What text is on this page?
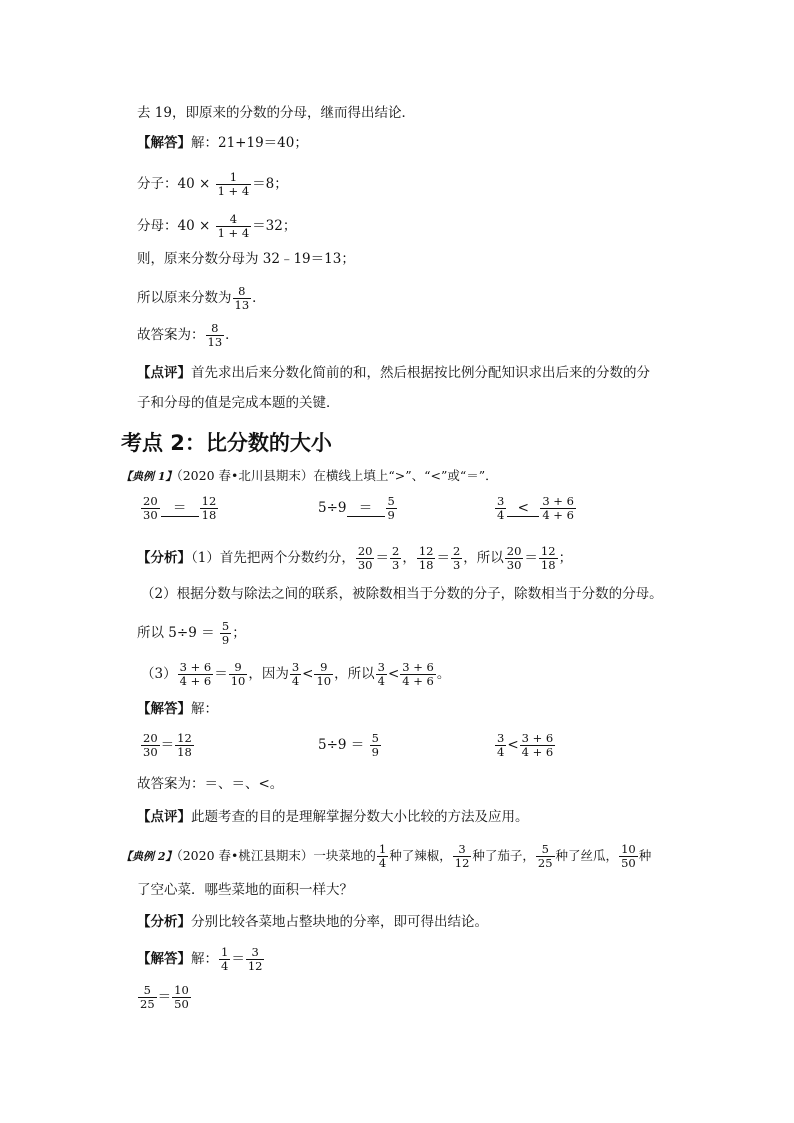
去 19，即原来的分数的分母，继而得出结论．
【解答】解：21+19＝40；
分子：$40 \times \frac{1}{1 + 4} =8$；
分母：$40 \times \frac{4}{1 + 4} =32$；
则，原来分数分母为 32﹣19＝13；
所以原来分数为 $\frac{8}{13}$ ．
故答案为： $\frac{8}{13}$ ．
【点评】首先求出后来分数化简前的和，然后根据按比例分配知识求出后来的分数的分
子和分母的值是完成本题的关键．
考点 2：比分数的大小
【典例 1】（2020 春•北川县期末）在横线上填上“>”、“<”或“＝”．
$\frac{20}{30} = \frac{12}{18}$	$5\div 9 = \frac{5}{9}$	$\frac{3}{4} < \frac{3 + 6}{4 + 6}$
【分析】（1）首先把两个分数约分， $\frac{20}{30} = \frac{2}{3}$ ， $\frac{12}{18} = \frac{2}{3}$ ，所以 $\frac{20}{30} = \frac{12}{18}$ ；
（2）根据分数与除法之间的联系，被除数相当于分数的分子，除数相当于分数的分母。
所以 $5\div 9 = \frac{5}{9}$ ；
$(3) \frac{3 + 6}{4 + 6} = \frac{9}{10}$ ，因为 $\frac{3}{4} < \frac{9}{10}$ ，所以 $\frac{3}{4} < \frac{3 + 6}{4 + 6}$ 。
【解答】解：
$\frac{20}{30} = \frac{12}{18}$	$5\div 9 = \frac{5}{9}$	$\frac{3}{4} < \frac{3 + 6}{4 + 6}$
故答案为：＝、＝、<。
【点评】此题考查的目的是理解掌握分数大小比较的方法及应用。
【典例 2】（2020 春•桃江县期末）一块菜地的 $\frac{1}{4}$ 种了辣椒， $\frac{3}{12}$ 种了茄子， $\frac{5}{25}$ 种了丝瓜， $\frac{10}{50}$ 种
了空心菜．哪些菜地的面积一样大？
【分析】分别比较各菜地占整块地的分率，即可得出结论。
【解答】解： $\frac{1}{4} = \frac{3}{12}$
$\frac{5}{25} = \frac{10}{50}$
